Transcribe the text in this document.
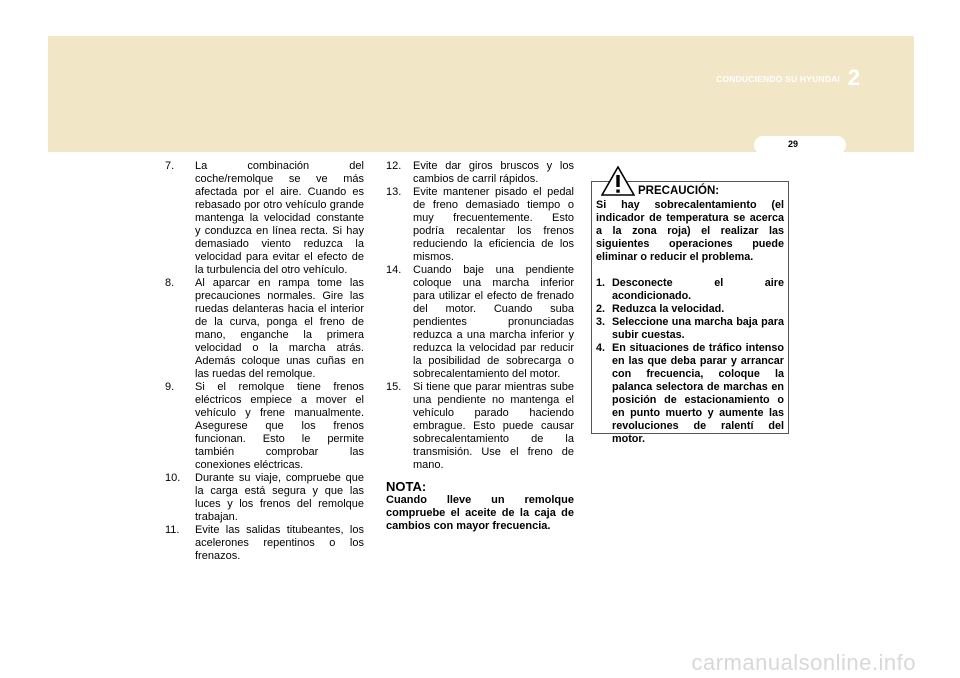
CONDUCIENDO SU HYUNDAI 2
29
7. La combinación del coche/remolque se ve más afectada por el aire. Cuando es rebasado por otro vehículo grande mantenga la velocidad constante y conduzca en línea recta. Si hay demasiado viento reduzca la velocidad para evitar el efecto de la turbulencia del otro vehículo.
8. Al aparcar en rampa tome las precauciones normales. Gire las ruedas delanteras hacia el interior de la curva, ponga el freno de mano, enganche la primera velocidad o la marcha atrás. Además coloque unas cuñas en las ruedas del remolque.
9. Si el remolque tiene frenos eléctricos empiece a mover el vehículo y frene manualmente. Asegurese que los frenos funcionan. Esto le permite también comprobar las conexiones eléctricas.
10. Durante su viaje, compruebe que la carga está segura y que las luces y los frenos del remolque trabajan.
11. Evite las salidas titubeantes, los acelerones repentinos o los frenazos.
12. Evite dar giros bruscos y los cambios de carril rápidos.
13. Evite mantener pisado el pedal de freno demasiado tiempo o muy frecuentemente. Esto podría recalentar los frenos reduciendo la eficiencia de los mismos.
14. Cuando baje una pendiente coloque una marcha inferior para utilizar el efecto de frenado del motor. Cuando suba pendientes pronunciadas reduzca a una marcha inferior y reduzca la velocidad par reducir la posibilidad de sobrecarga o sobrecalentamiento del motor.
15. Si tiene que parar mientras sube una pendiente no mantenga el vehículo parado haciendo embrague. Esto puede causar sobrecalentamiento de la transmisión. Use el freno de mano.
NOTA:
Cuando lleve un remolque compruebe el aceite de la caja de cambios con mayor frecuencia.
PRECAUCIÓN:
Si hay sobrecalentamiento (el indicador de temperatura se acerca a la zona roja) el realizar las siguientes operaciones puede eliminar o reducir el problema.
1. Desconecte el aire acondicionado.
2. Reduzca la velocidad.
3. Seleccione una marcha baja para subir cuestas.
4. En situaciones de tráfico intenso en las que deba parar y arrancar con frecuencia, coloque la palanca selectora de marchas en posición de estacionamiento o en punto muerto y aumente las revoluciones de ralentí del motor.
carmanualsonline.info
